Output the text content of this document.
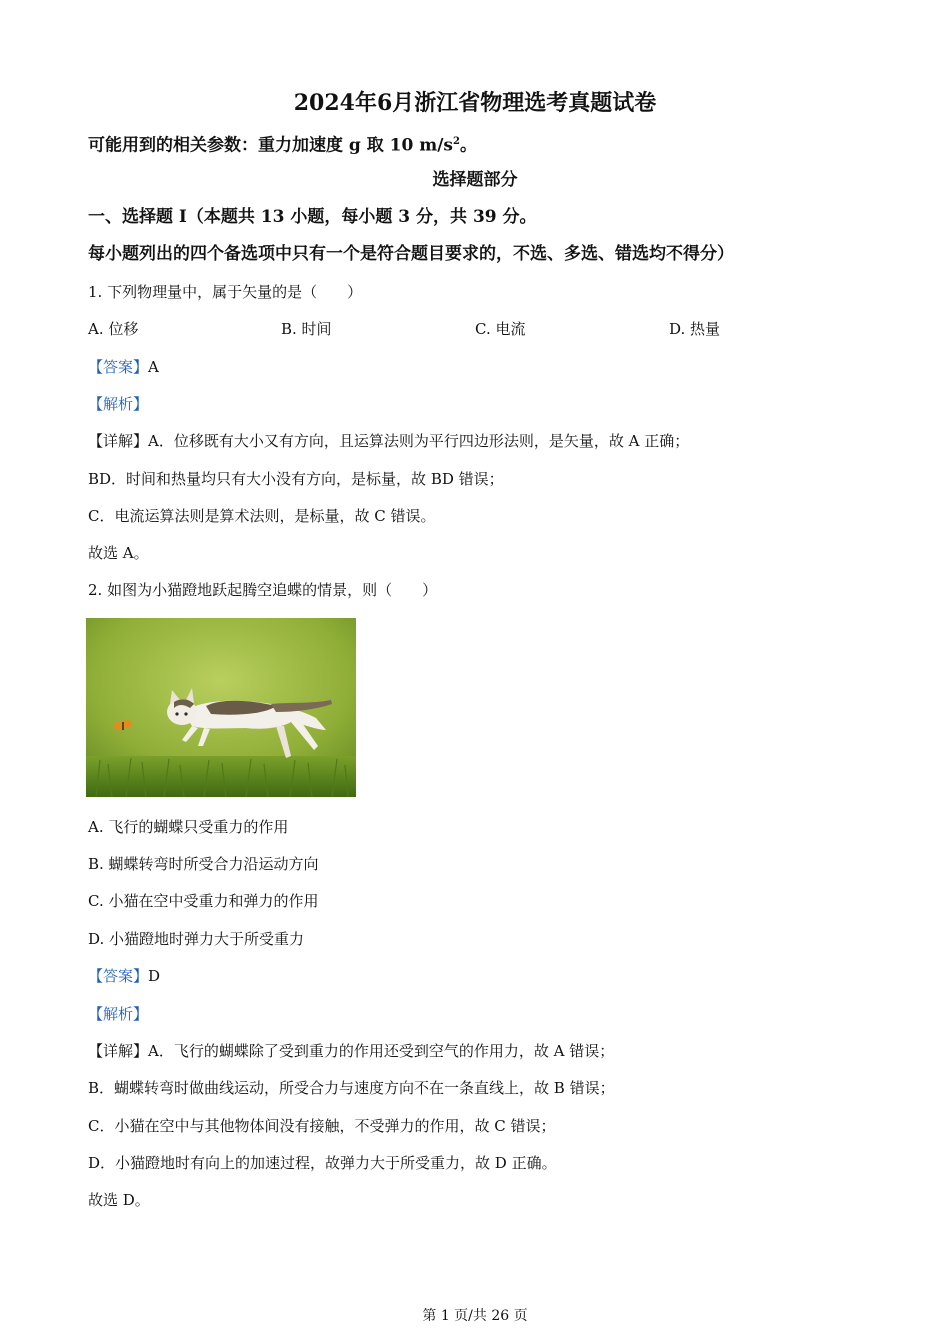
2024年6月浙江省物理选考真题试卷
可能用到的相关参数：重力加速度 g 取 10 $m/s^2$。
选择题部分
一、选择题 I（本题共 13 小题，每小题 3 分，共 39 分。
每小题列出的四个备选项中只有一个是符合题目要求的，不选、多选、错选均不得分）
1. 下列物理量中，属于矢量的是（　　）
A. 位移	B. 时间	C. 电流	D. 热量
【答案】A
【解析】
【详解】A．位移既有大小又有方向，且运算法则为平行四边形法则，是矢量，故 A 正确；
BD．时间和热量均只有大小没有方向，是标量，故 BD 错误；
C．电流运算法则是算术法则，是标量，故 C 错误。
故选 A。
2. 如图为小猫蹬地跃起腾空追蝶的情景，则（　　）
A. 飞行的蝴蝶只受重力的作用
B. 蝴蝶转弯时所受合力沿运动方向
C. 小猫在空中受重力和弹力的作用
D. 小猫蹬地时弹力大于所受重力
【答案】D
【解析】
【详解】A．飞行的蝴蝶除了受到重力的作用还受到空气的作用力，故 A 错误；
B．蝴蝶转弯时做曲线运动，所受合力与速度方向不在一条直线上，故 B 错误；
C．小猫在空中与其他物体间没有接触，不受弹力的作用，故 C 错误；
D．小猫蹬地时有向上的加速过程，故弹力大于所受重力，故 D 正确。
故选 D。
第 1 页/共 26 页
